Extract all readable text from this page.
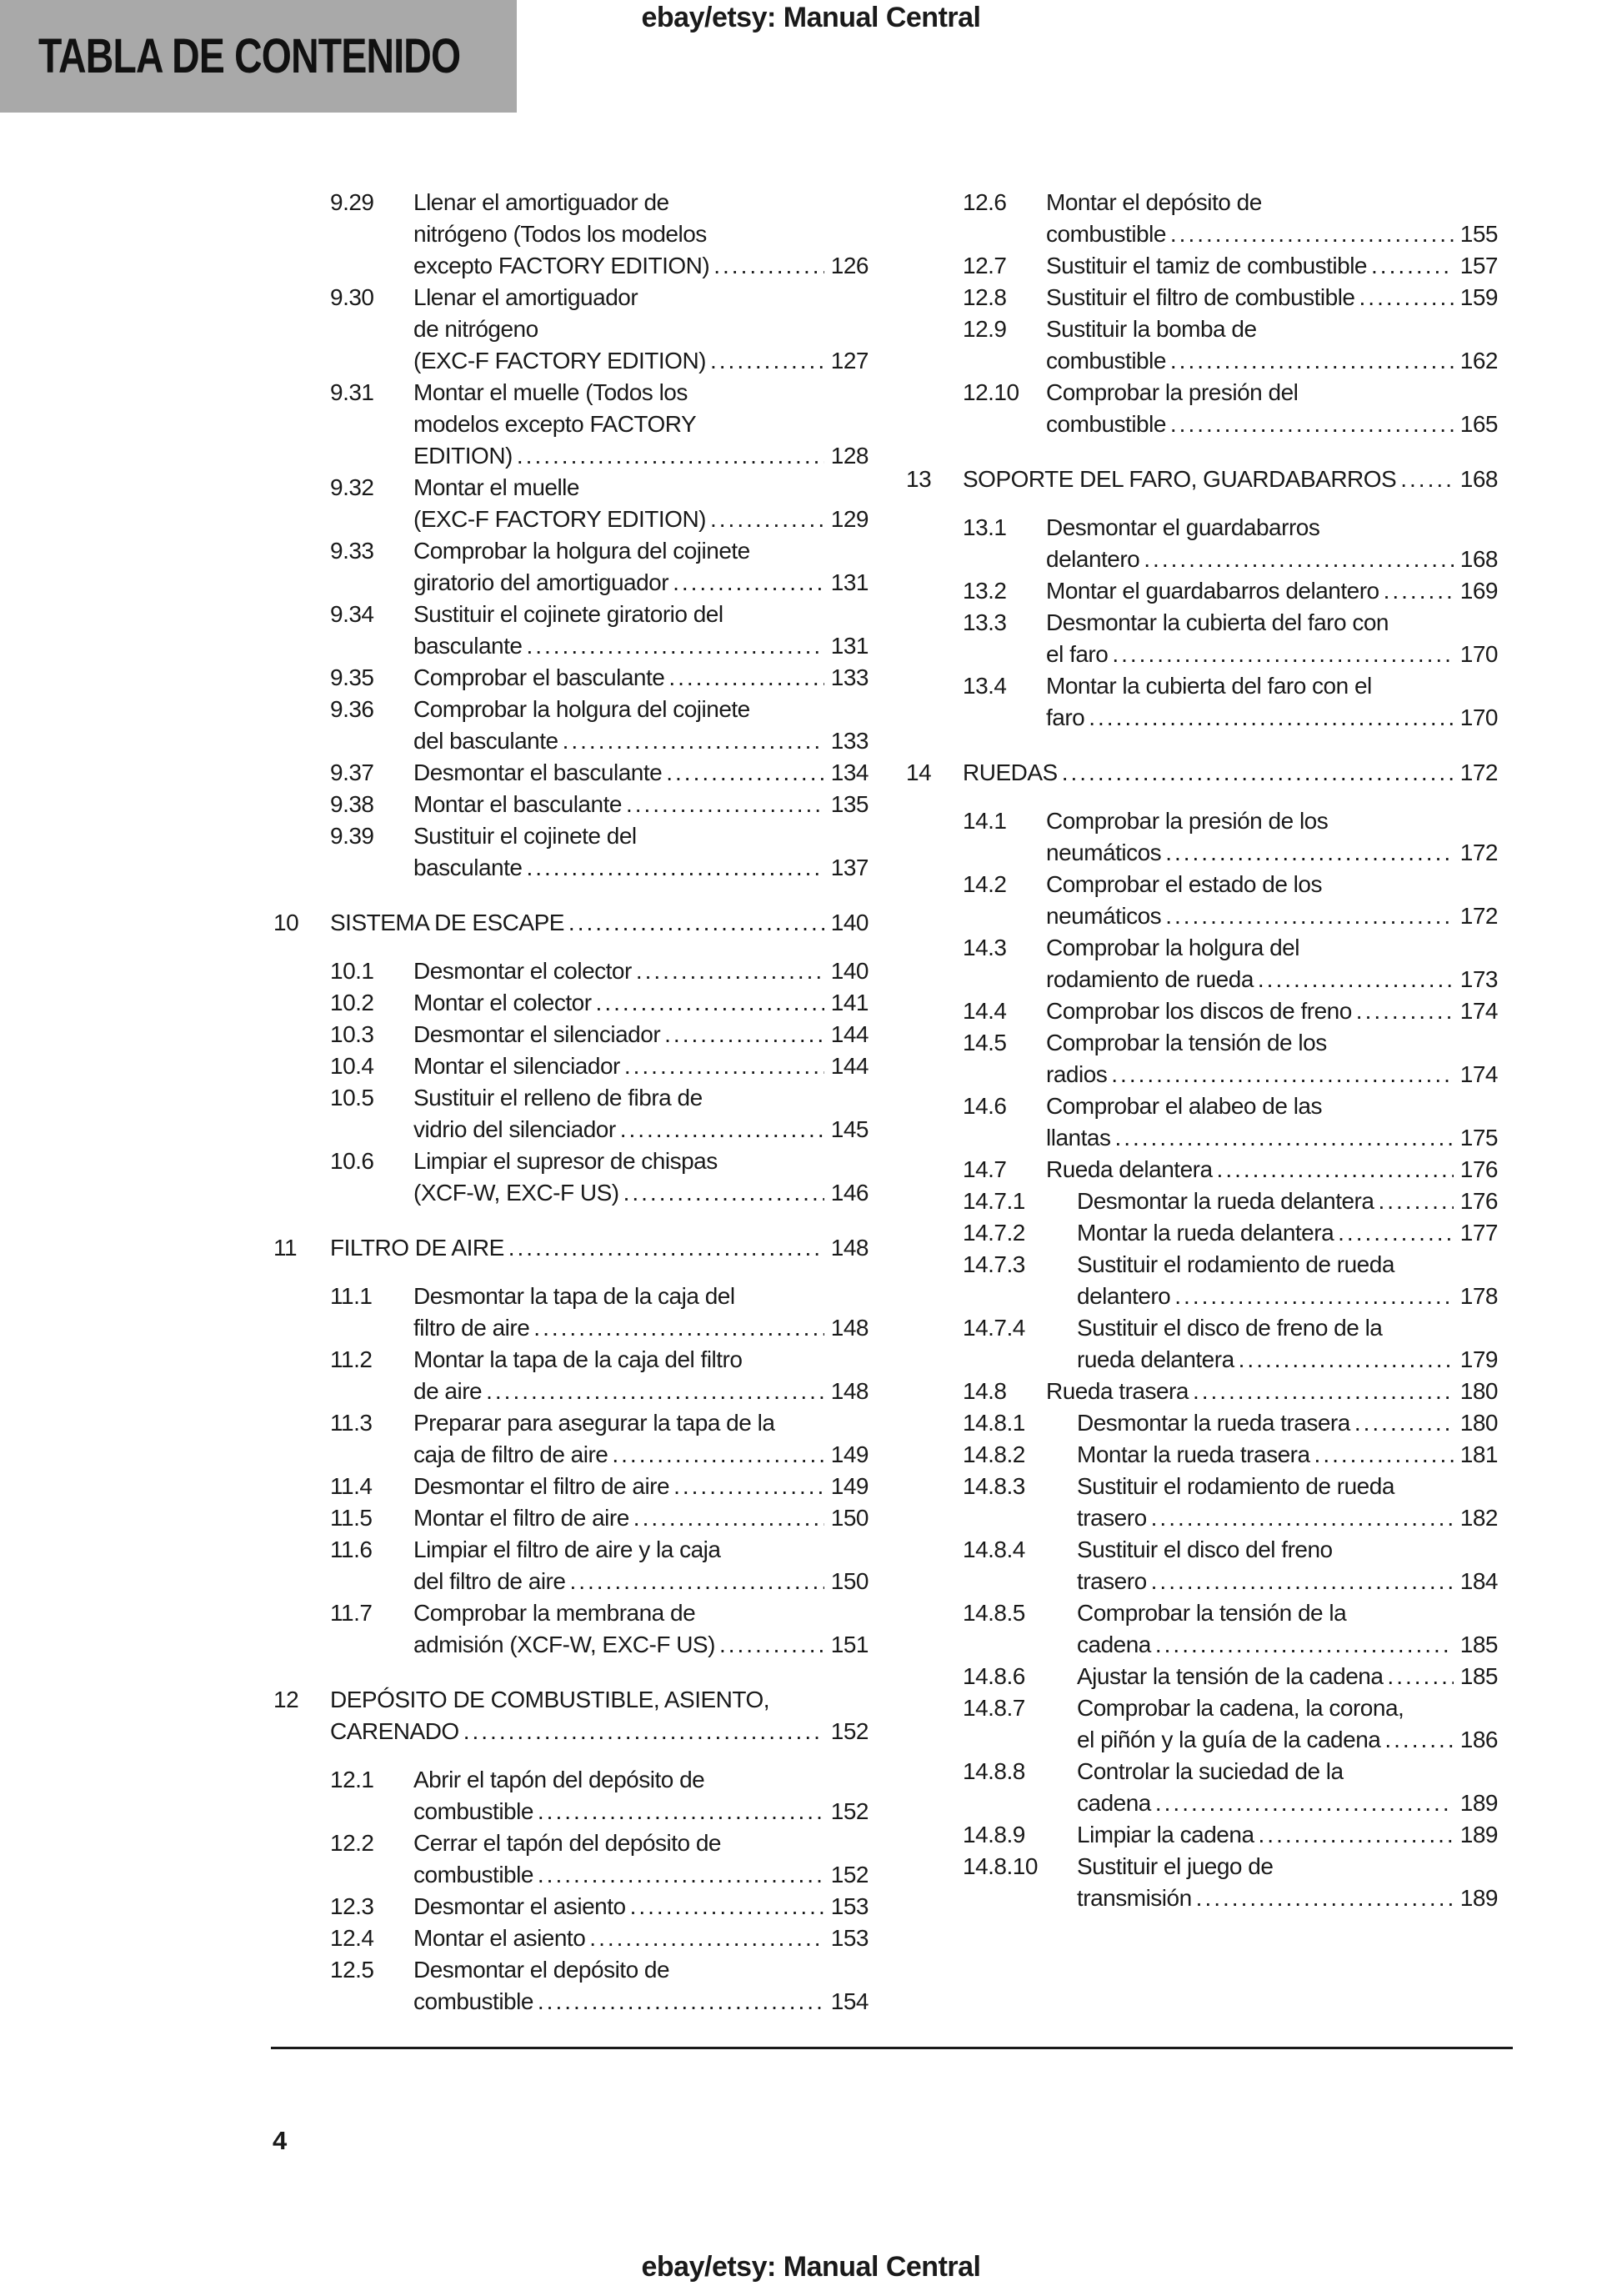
TABLA DE CONTENIDO
ebay/etsy: Manual Central
9.29	Llenar el amortiguador de
nitrógeno (Todos los modelos
excepto FACTORY EDITION) .....	126
9.30	Llenar el amortiguador
de nitrógeno
(EXC-F FACTORY EDITION) .....	127
9.31	Montar el muelle (Todos los
modelos excepto FACTORY
EDITION) .....	128
9.32	Montar el muelle
(EXC-F FACTORY EDITION) .....	129
9.33	Comprobar la holgura del cojinete
giratorio del amortiguador .....	131
9.34	Sustituir el cojinete giratorio del
basculante .....	131
9.35	Comprobar el basculante .....	133
9.36	Comprobar la holgura del cojinete
del basculante .....	133
9.37	Desmontar el basculante .....	134
9.38	Montar el basculante .....	135
9.39	Sustituir el cojinete del
basculante .....	137
10	SISTEMA DE ESCAPE .....	140
10.1	Desmontar el colector .....	140
10.2	Montar el colector .....	141
10.3	Desmontar el silenciador .....	144
10.4	Montar el silenciador .....	144
10.5	Sustituir el relleno de fibra de
vidrio del silenciador .....	145
10.6	Limpiar el supresor de chispas
(XCF-W, EXC-F US) .....	146
11	FILTRO DE AIRE .....	148
11.1	Desmontar la tapa de la caja del
filtro de aire .....	148
11.2	Montar la tapa de la caja del filtro
de aire .....	148
11.3	Preparar para asegurar la tapa de la
caja de filtro de aire .....	149
11.4	Desmontar el filtro de aire .....	149
11.5	Montar el filtro de aire .....	150
11.6	Limpiar el filtro de aire y la caja
del filtro de aire .....	150
11.7	Comprobar la membrana de
admisión (XCF-W, EXC-F US) .....	151
12	DEPÓSITO DE COMBUSTIBLE, ASIENTO,
CARENADO .....	152
12.1	Abrir el tapón del depósito de
combustible .....	152
12.2	Cerrar el tapón del depósito de
combustible .....	152
12.3	Desmontar el asiento .....	153
12.4	Montar el asiento .....	153
12.5	Desmontar el depósito de
combustible .....	154
12.6	Montar el depósito de
combustible .....	155
12.7	Sustituir el tamiz de combustible .....	157
12.8	Sustituir el filtro de combustible .....	159
12.9	Sustituir la bomba de
combustible .....	162
12.10	Comprobar la presión del
combustible .....	165
13	SOPORTE DEL FARO, GUARDABARROS .....	168
13.1	Desmontar el guardabarros
delantero .....	168
13.2	Montar el guardabarros delantero .....	169
13.3	Desmontar la cubierta del faro con
el faro .....	170
13.4	Montar la cubierta del faro con el
faro .....	170
14	RUEDAS .....	172
14.1	Comprobar la presión de los
neumáticos .....	172
14.2	Comprobar el estado de los
neumáticos .....	172
14.3	Comprobar la holgura del
rodamiento de rueda .....	173
14.4	Comprobar los discos de freno .....	174
14.5	Comprobar la tensión de los
radios .....	174
14.6	Comprobar el alabeo de las
llantas .....	175
14.7	Rueda delantera .....	176
14.7.1	Desmontar la rueda delantera .....	176
14.7.2	Montar la rueda delantera .....	177
14.7.3	Sustituir el rodamiento de rueda
delantero .....	178
14.7.4	Sustituir el disco de freno de la
rueda delantera .....	179
14.8	Rueda trasera .....	180
14.8.1	Desmontar la rueda trasera .....	180
14.8.2	Montar la rueda trasera .....	181
14.8.3	Sustituir el rodamiento de rueda
trasero .....	182
14.8.4	Sustituir el disco del freno
trasero .....	184
14.8.5	Comprobar la tensión de la
cadena .....	185
14.8.6	Ajustar la tensión de la cadena .....	185
14.8.7	Comprobar la cadena, la corona,
el piñón y la guía de la cadena .....	186
14.8.8	Controlar la suciedad de la
cadena .....	189
14.8.9	Limpiar la cadena .....	189
14.8.10	Sustituir el juego de
transmisión .....	189
4
ebay/etsy: Manual Central
